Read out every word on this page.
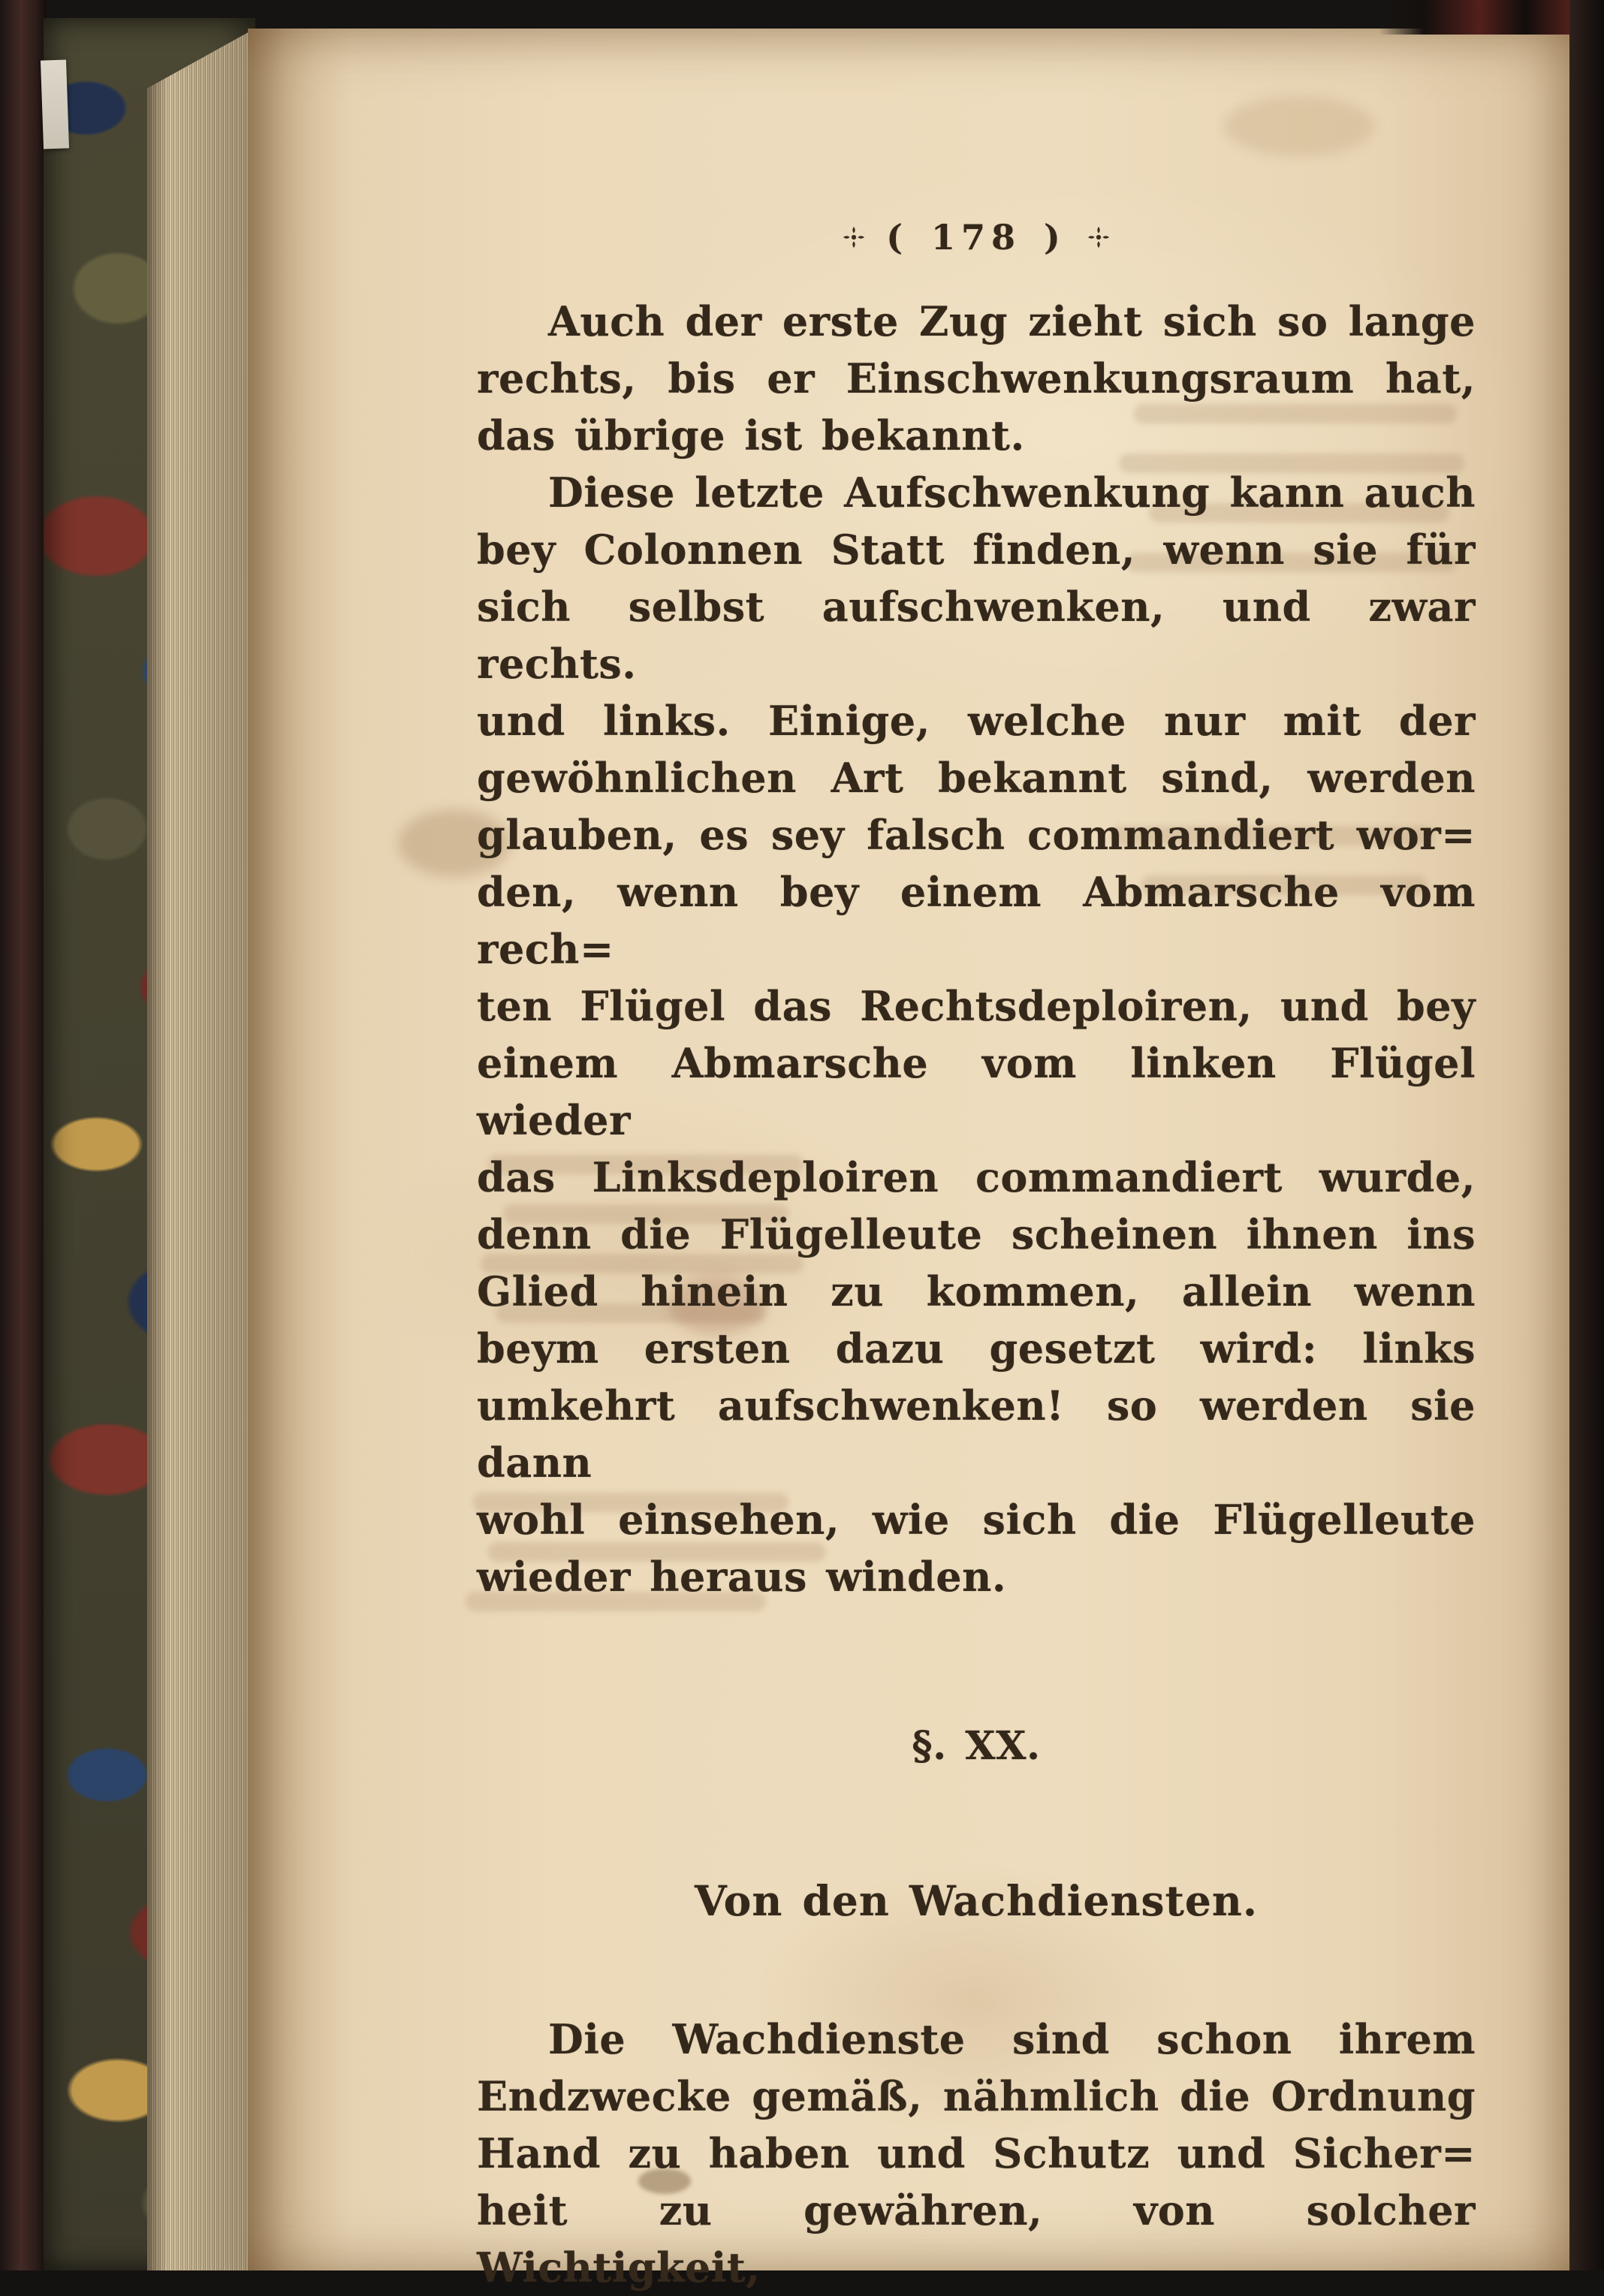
( 178 )
Auch der erste Zug zieht sich so lange
rechts, bis er Einschwenkungsraum hat,
das übrige ist bekannt.
Diese letzte Aufschwenkung kann auch
bey Colonnen Statt finden, wenn sie für
sich selbst aufschwenken, und zwar rechts.
und links. Einige, welche nur mit der
gewöhnlichen Art bekannt sind, werden
glauben, es sey falsch commandiert wor=
den, wenn bey einem Abmarsche vom rech=
ten Flügel das Rechtsdeploiren, und bey
einem Abmarsche vom linken Flügel wieder
das Linksdeploiren commandiert wurde,
denn die Flügelleute scheinen ihnen ins
Glied hinein zu kommen, allein wenn
beym ersten dazu gesetzt wird: links
umkehrt aufschwenken! so werden sie dann
wohl einsehen, wie sich die Flügelleute
wieder heraus winden.
§. XX.
Von den Wachdiensten.
Die Wachdienste sind schon ihrem
Endzwecke gemäß, nähmlich die Ordnung
Hand zu haben und Schutz und Sicher=
heit zu gewähren, von solcher Wichtigkeit,
